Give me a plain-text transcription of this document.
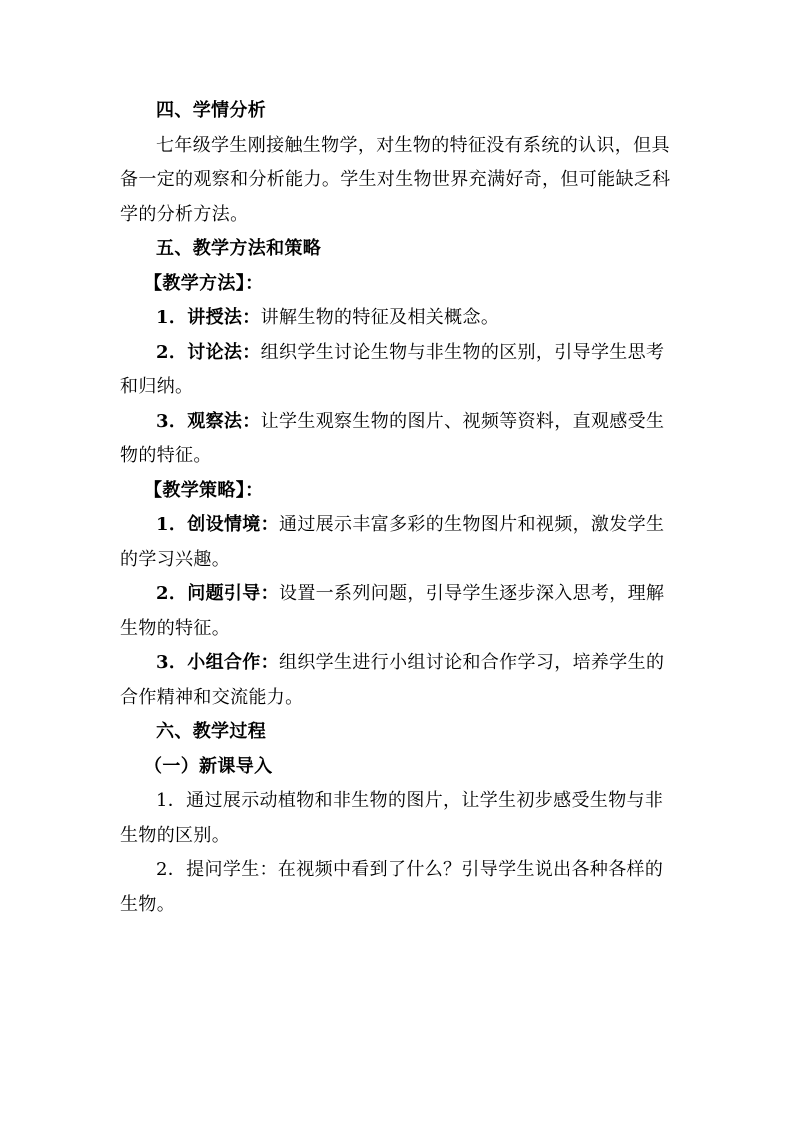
四、学情分析
七年级学生刚接触生物学，对生物的特征没有系统的认识，但具
备一定的观察和分析能力。学生对生物世界充满好奇，但可能缺乏科
学的分析方法。
五、教学方法和策略
【教学方法】：
1．讲授法：讲解生物的特征及相关概念。
2．讨论法：组织学生讨论生物与非生物的区别，引导学生思考
和归纳。
3．观察法：让学生观察生物的图片、视频等资料，直观感受生
物的特征。
【教学策略】：
1．创设情境：通过展示丰富多彩的生物图片和视频，激发学生
的学习兴趣。
2．问题引导：设置一系列问题，引导学生逐步深入思考，理解
生物的特征。
3．小组合作：组织学生进行小组讨论和合作学习，培养学生的
合作精神和交流能力。
六、教学过程
（一）新课导入
1．通过展示动植物和非生物的图片，让学生初步感受生物与非
生物的区别。
2．提问学生：在视频中看到了什么？引导学生说出各种各样的
生物。
